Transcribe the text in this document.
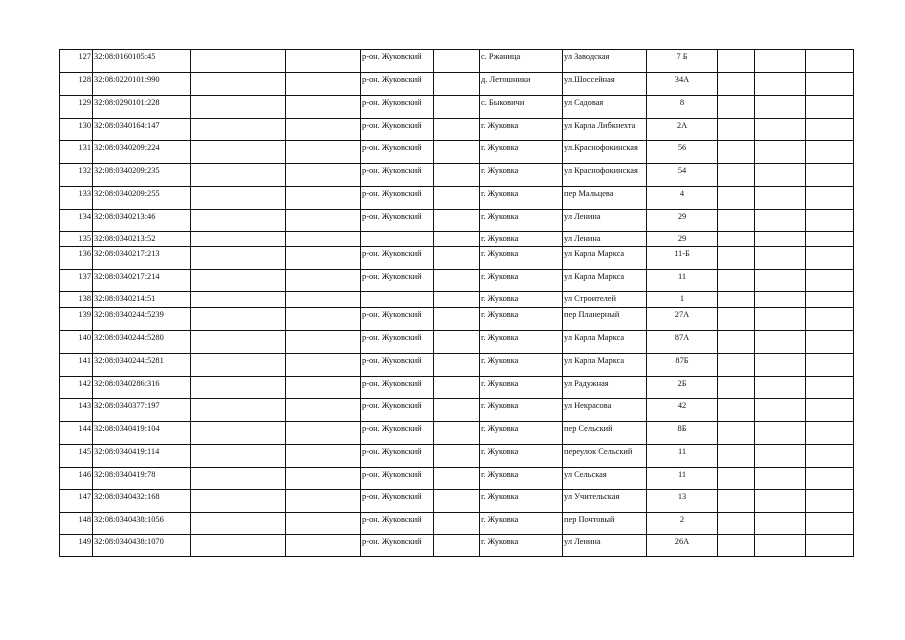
127	32:08:0160105:45			р-он. Жуковский		с. Ржаница	ул Заводская	7 Б			
128	32:08:0220101:990			р-он. Жуковский		д. Летошники	ул.Шоссейная	34А			
129	32:08:0290101:228			р-он. Жуковский		с. Быковичи	ул Садовая	8			
130	32:08:0340164:147			р-он. Жуковский		г. Жуковка	ул Карла Либкнехта	2А			
131	32:08:0340209:224			р-он. Жуковский		г. Жуковка	ул.Краснофокинская	56			
132	32:08:0340209:235			р-он. Жуковский		г. Жуковка	ул Краснофокинская	54			
133	32:08:0340209:255			р-он. Жуковский		г. Жуковка	пер Мальцева	4			
134	32:08:0340213:46			р-он. Жуковский		г. Жуковка	ул Ленина	29			
135	32:08:0340213:52					г. Жуковка	ул Ленина	29			
136	32:08:0340217:213			р-он. Жуковский		г. Жуковка	ул Карла Маркса	11-Б			
137	32:08:0340217:214			р-он. Жуковский		г. Жуковка	ул Карла Маркса	11			
138	32:08:0340214:51					г. Жуковка	ул Строителей	1			
139	32:08:0340244:5239			р-он. Жуковский		г. Жуковка	пер Планерный	27А			
140	32:08:0340244:5280			р-он. Жуковский		г. Жуковка	ул Карла Маркса	87А			
141	32:08:0340244:5281			р-он. Жуковский		г. Жуковка	ул Карла Маркса	87Б			
142	32:08:0340286:316			р-он. Жуковский		г. Жуковка	ул Радужная	2Б			
143	32:08:0340377:197			р-он. Жуковский		г. Жуковка	ул Некрасова	42			
144	32:08:0340419:104			р-он. Жуковский		г. Жуковка	пер Сельский	8Б			
145	32:08:0340419:114			р-он. Жуковский		г. Жуковка	переулок Сельский	11			
146	32:08:0340419:78			р-он. Жуковский		г. Жуковка	ул Сельская	11			
147	32:08:0340432:168			р-он. Жуковский		г. Жуковка	ул Учительская	13			
148	32:08:0340438:1056			р-он. Жуковский		г. Жуковка	пер Почтовый	2			
149	32:08:0340438:1070			р-он. Жуковский		г. Жуковка	ул Ленина	26А			
